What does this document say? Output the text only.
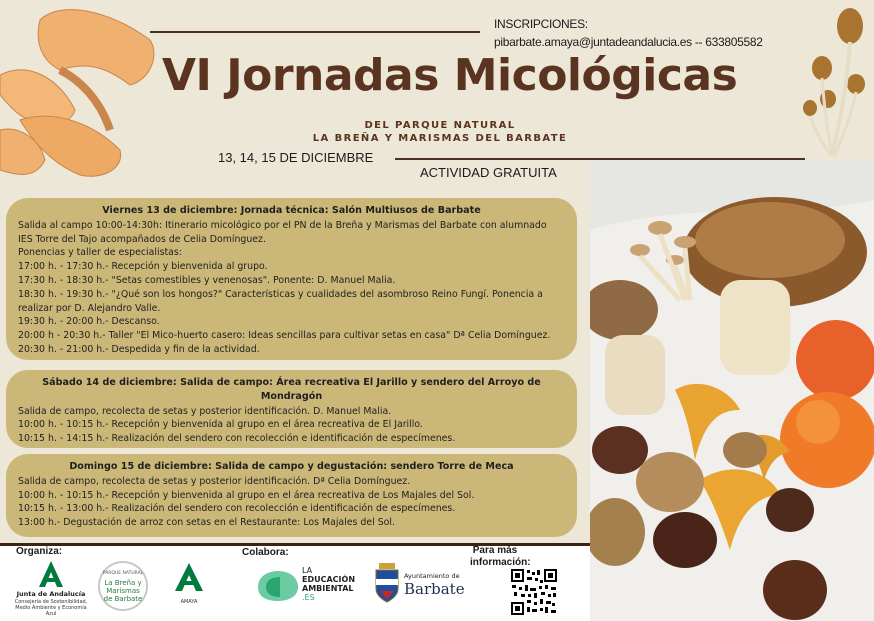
INSCRIPCIONES:
pibarbate.amaya@juntadeandalucia.es -- 633805582
VI Jornadas Micológicas
DEL PARQUE NATURAL
LA BREÑA Y MARISMAS DEL BARBATE
13, 14, 15 DE DICIEMBRE
ACTIVIDAD GRATUITA
Viernes 13 de diciembre: Jornada técnica: Salón Multiusos de Barbate

Salida al campo 10:00-14:30h: Itinerario micológico por el PN de la Breña y Marismas del Barbate con alumnado

IES Torre del Tajo acompañados de Celia Domínguez.

Ponencias y taller de especialistas:

17:00 h. - 17:30 h.- Recepción y bienvenida al grupo.

17:30 h. - 18:30 h.- "Setas comestibles y venenosas". Ponente: D. Manuel Malia.

18:30 h. - 19:30 h.- "¿Qué son los hongos?" Características y cualidades del asombroso Reino Fungí. Ponencia a

realizar por D. Alejandro Valle.

19:30 h. - 20:00 h.- Descanso.

20:00 h - 20:30 h.- Taller "El Mico-huerto casero: Ideas sencillas para cultivar setas en casa" Dª Celia Domínguez.

20:30 h. - 21:00 h.- Despedida y fin de la actividad.

Sábado 14 de diciembre: Salida de campo: Área recreativa El Jarillo y sendero del Arroyo de Mondragón

Salida de campo, recolecta de setas y posterior identificación. D. Manuel Malia.

10:00 h. - 10:15 h.- Recepción y bienvenida al grupo en el área recreativa de El Jarillo.

10:15 h. - 14:15 h.- Realización del sendero con recolección e identificación de especímenes.

Domingo 15 de diciembre: Salida de campo y degustación: sendero Torre de Meca

Salida de campo, recolecta de setas y posterior identificación. Dª Celia Domínguez.

10:00 h. - 10:15 h.- Recepción y bienvenida al grupo en el área recreativa de Los Majales del Sol.

10:15 h. - 13:00 h.- Realización del sendero con recolección e identificación de especímenes.

13:00 h.- Degustación de arroz con setas en el Restaurante: Los Majales del Sol.

Organiza:	Colabora:	Para más
información:
Junta de Andalucía
Consejería de Sostenibilidad,
Medio Ambiente y Economía Azul
PARQUE NATURAL
La Breña y
Marismas
de Barbate	AMAYA
LA
EDUCACIÓN
AMBIENTAL
.ES
Ayuntamiento de
Barbate
